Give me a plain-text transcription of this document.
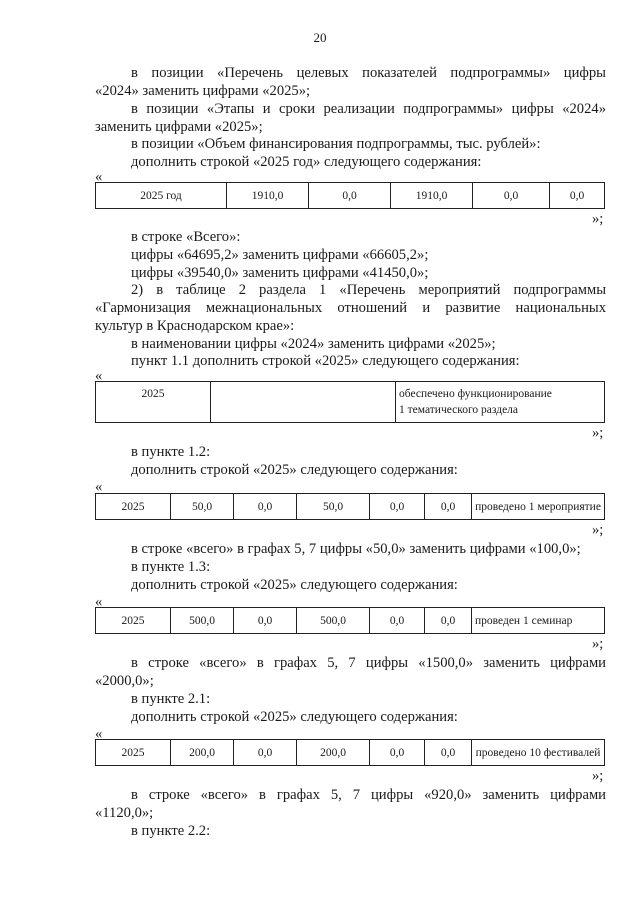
20
в позиции «Перечень целевых показателей подпрограммы» цифры
«2024» заменить цифрами «2025»;
в позиции «Этапы и сроки реализации подпрограммы» цифры «2024»
заменить цифрами «2025»;
в позиции «Объем финансирования подпрограммы, тыс. рублей»:
дополнить строкой «2025 год» следующего содержания:
«
2025 год	1910,0	0,0	1910,0	0,0	0,0
»;
в строке «Всего»:
цифры «64695,2» заменить цифрами «66605,2»;
цифры «39540,0» заменить цифрами «41450,0»;
2) в таблице 2 раздела 1 «Перечень мероприятий подпрограммы
«Гармонизация межнациональных отношений и развитие национальных
культур в Краснодарском крае»:
в наименовании цифры «2024» заменить цифрами «2025»;
пункт 1.1 дополнить строкой «2025» следующего содержания:
«
2025		обеспечено функционирование
1 тематического раздела
»;
в пункте 1.2:
дополнить строкой «2025» следующего содержания:
«
2025	50,0	0,0	50,0	0,0	0,0	проведено 1 мероприятие
»;
в строке «всего» в графах 5, 7 цифры «50,0» заменить цифрами «100,0»;
в пункте 1.3:
дополнить строкой «2025» следующего содержания:
«
2025	500,0	0,0	500,0	0,0	0,0	проведен 1 семинар
»;
в строке «всего» в графах 5, 7 цифры «1500,0» заменить цифрами
«2000,0»;
в пункте 2.1:
дополнить строкой «2025» следующего содержания:
«
2025	200,0	0,0	200,0	0,0	0,0	проведено 10 фестивалей
»;
в строке «всего» в графах 5, 7 цифры «920,0» заменить цифрами
«1120,0»;
в пункте 2.2:
